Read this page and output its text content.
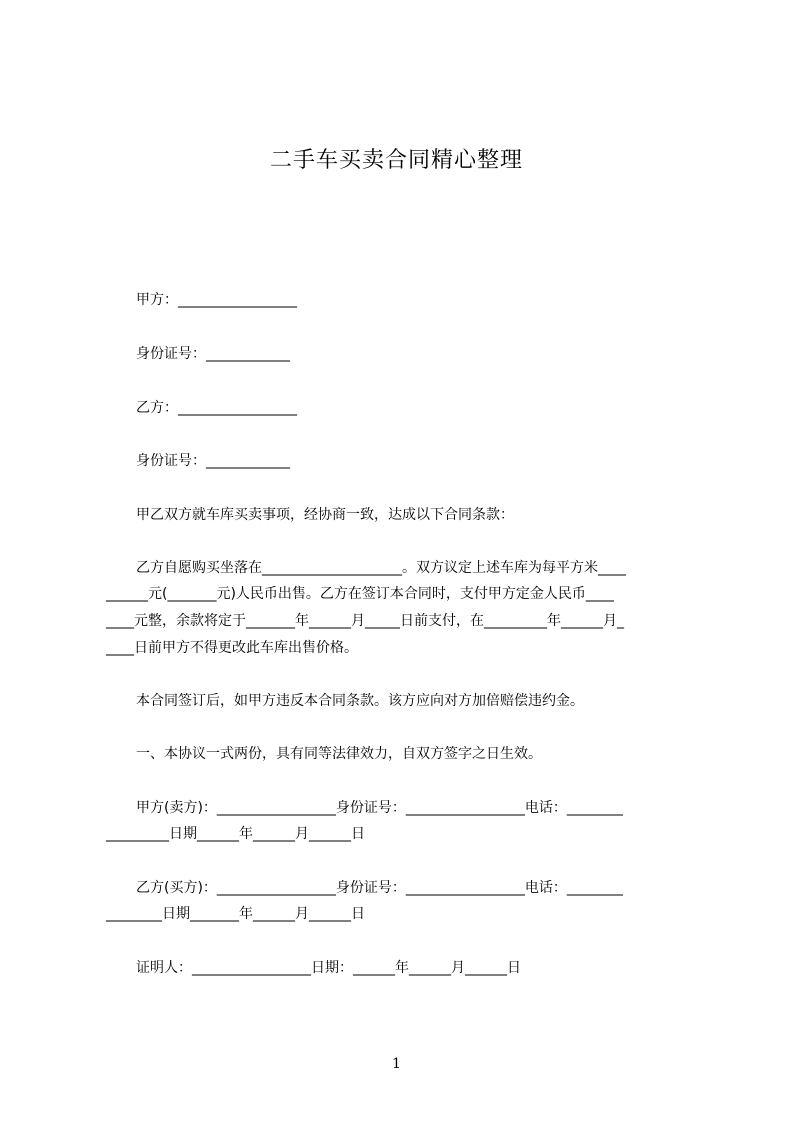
二手车买卖合同精心整理

甲方：_________________

身份证号：____________

乙方：_________________

身份证号：____________

甲乙双方就车库买卖事项，经协商一致，达成以下合同条款：

乙方自愿购买坐落在____________________。双方议定上述车库为每平方米____

______元(_______元)人民币出售。乙方在签订本合同时，支付甲方定金人民币____

____元整，余款将定于_______年______月_____日前支付，在_________年______月_

____日前甲方不得更改此车库出售价格。

本合同签订后，如甲方违反本合同条款。该方应向对方加倍赔偿违约金。

一、本协议一式两份，具有同等法律效力，自双方签字之日生效。

甲方(卖方)：_________________身份证号：_________________电话：________

_________日期______年______月______日

乙方(买方)：_________________身份证号：_________________电话：________

________日期_______年______月______日

证明人：_________________日期：______年______月______日

1
